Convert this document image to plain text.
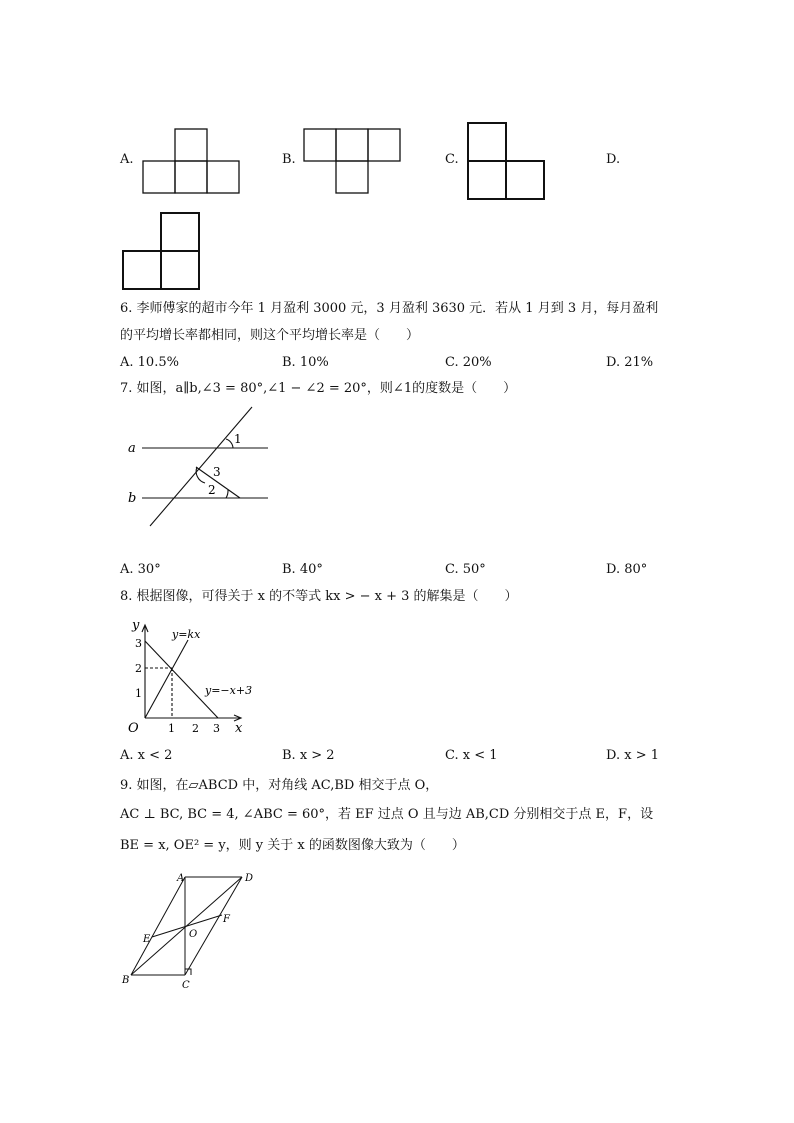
A.	B.	C.	D.
6. 李师傅家的超市今年 1 月盈利 3000 元，3 月盈利 3630 元．若从 1 月到 3 月，每月盈利
的平均增长率都相同，则这个平均增长率是（　　）
A. 10.5%	B. 10%	C. 20%	D. 21%
7. 如图，a∥b,∠3 = 80°,∠1 − ∠2 = 20°，则∠1的度数是（　　）
a
b
1
3
2
A. 30°	B. 40°	C. 50°	D. 80°
8. 根据图像，可得关于 x 的不等式 kx > − x + 3 的解集是（　　）
y
x
O
1
2
3
1 2 3
y=kx
y=−x+3
A. x < 2	B. x > 2	C. x < 1	D. x > 1
9. 如图，在▱ABCD 中，对角线 AC,BD 相交于点 O，
AC ⊥ BC, BC = 4, ∠ABC = 60°，若 EF 过点 O 且与边 AB,CD 分别相交于点 E，F，设
BE = x, OE² = y，则 y 关于 x 的函数图像大致为（　　）
A	D
E
F
O
B	C
